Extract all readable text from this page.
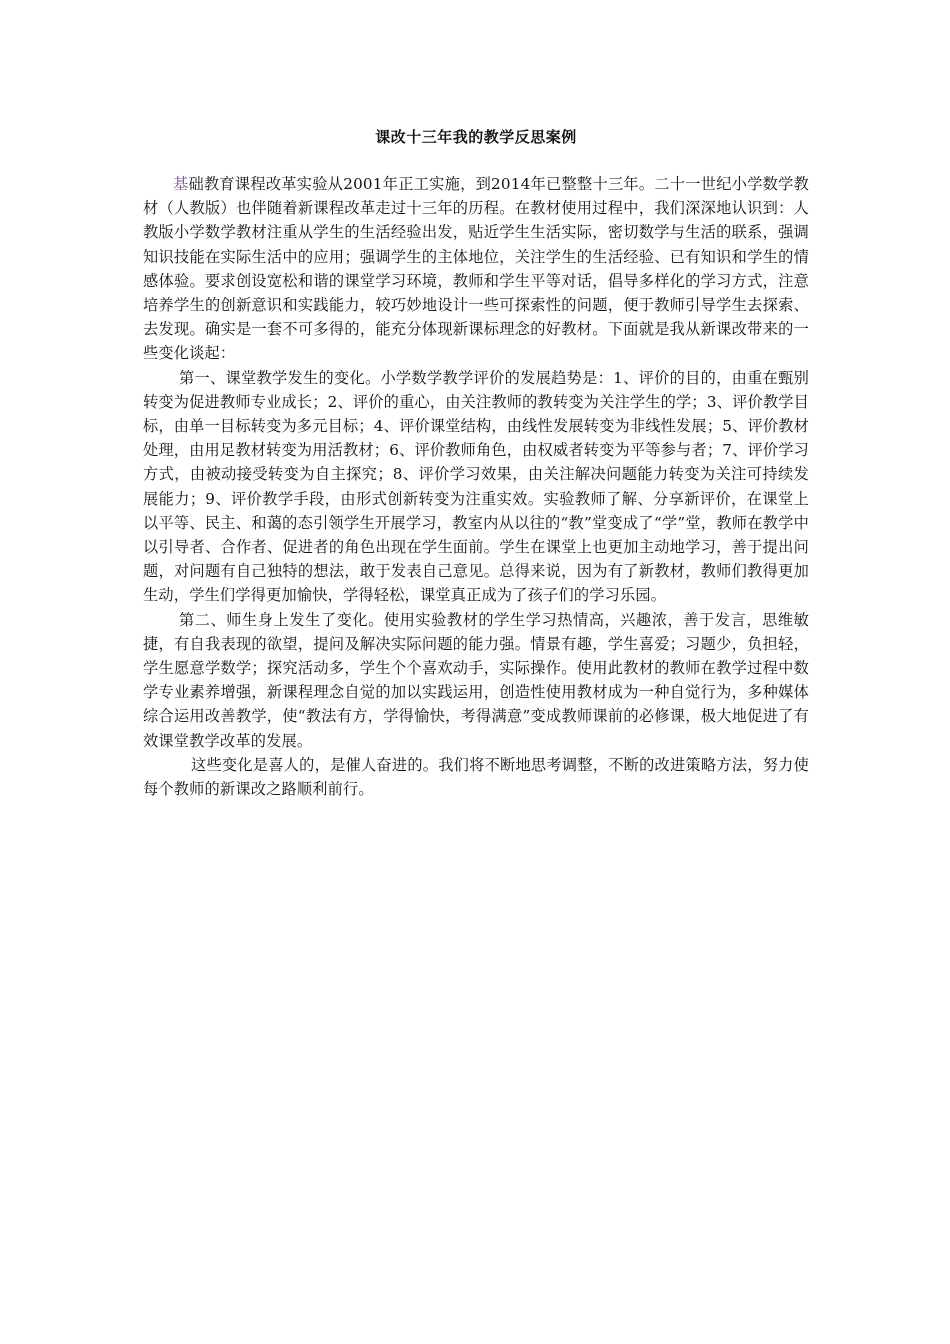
课改十三年我的教学反思案例

基础教育课程改革实验从2001年正工实施，到2014年已整整十三年。二十一世纪小学数学教材（人教版）也伴随着新课程改革走过十三年的历程。在教材使用过程中，我们深深地认识到：人教版小学数学教材注重从学生的生活经验出发，贴近学生生活实际，密切数学与生活的联系，强调知识技能在实际生活中的应用；强调学生的主体地位，关注学生的生活经验、已有知识和学生的情感体验。要求创设宽松和谐的课堂学习环境，教师和学生平等对话，倡导多样化的学习方式，注意培养学生的创新意识和实践能力，较巧妙地设计一些可探索性的问题，便于教师引导学生去探索、去发现。确实是一套不可多得的，能充分体现新课标理念的好教材。下面就是我从新课改带来的一些变化谈起：

第一、课堂教学发生的变化。小学数学教学评价的发展趋势是：1、评价的目的，由重在甄别转变为促进教师专业成长；2、评价的重心，由关注教师的教转变为关注学生的学；3、评价教学目标，由单一目标转变为多元目标；4、评价课堂结构，由线性发展转变为非线性发展；5、评价教材处理，由用足教材转变为用活教材；6、评价教师角色，由权威者转变为平等参与者；7、评价学习方式，由被动接受转变为自主探究；8、评价学习效果，由关注解决问题能力转变为关注可持续发展能力；9、评价教学手段，由形式创新转变为注重实效。实验教师了解、分享新评价，在课堂上以平等、民主、和蔼的态引领学生开展学习，教室内从以往的“教”堂变成了“学”堂，教师在教学中以引导者、合作者、促进者的角色出现在学生面前。学生在课堂上也更加主动地学习，善于提出问题，对问题有自己独特的想法，敢于发表自己意见。总得来说，因为有了新教材，教师们教得更加生动，学生们学得更加愉快，学得轻松，课堂真正成为了孩子们的学习乐园。

第二、师生身上发生了变化。使用实验教材的学生学习热情高，兴趣浓，善于发言，思维敏捷，有自我表现的欲望，提问及解决实际问题的能力强。情景有趣，学生喜爱；习题少，负担轻，学生愿意学数学；探究活动多，学生个个喜欢动手，实际操作。使用此教材的教师在教学过程中数学专业素养增强，新课程理念自觉的加以实践运用，创造性使用教材成为一种自觉行为，多种媒体综合运用改善教学，使“教法有方，学得愉快，考得满意”变成教师课前的必修课，极大地促进了有效课堂教学改革的发展。

这些变化是喜人的，是催人奋进的。我们将不断地思考调整，不断的改进策略方法，努力使每个教师的新课改之路顺利前行。
